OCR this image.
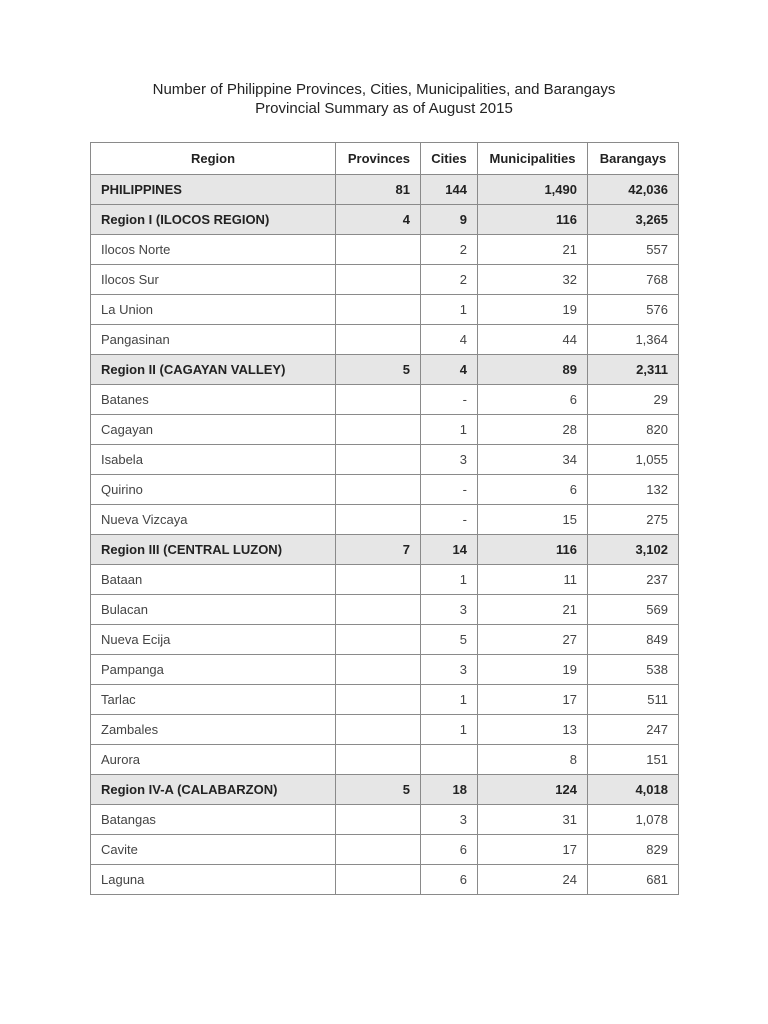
Number of Philippine Provinces, Cities, Municipalities, and Barangays
Provincial Summary as of August 2015
Region	Provinces	Cities	Municipalities	Barangays
PHILIPPINES	81	144	1,490	42,036
Region I (ILOCOS REGION)	4	9	116	3,265
Ilocos Norte		2	21	557
Ilocos Sur		2	32	768
La Union		1	19	576
Pangasinan		4	44	1,364
Region II (CAGAYAN VALLEY)	5	4	89	2,311
Batanes		-	6	29
Cagayan		1	28	820
Isabela		3	34	1,055
Quirino		-	6	132
Nueva Vizcaya		-	15	275
Region III (CENTRAL LUZON)	7	14	116	3,102
Bataan		1	11	237
Bulacan		3	21	569
Nueva Ecija		5	27	849
Pampanga		3	19	538
Tarlac		1	17	511
Zambales		1	13	247
Aurora			8	151
Region IV-A (CALABARZON)	5	18	124	4,018
Batangas		3	31	1,078
Cavite		6	17	829
Laguna		6	24	681
